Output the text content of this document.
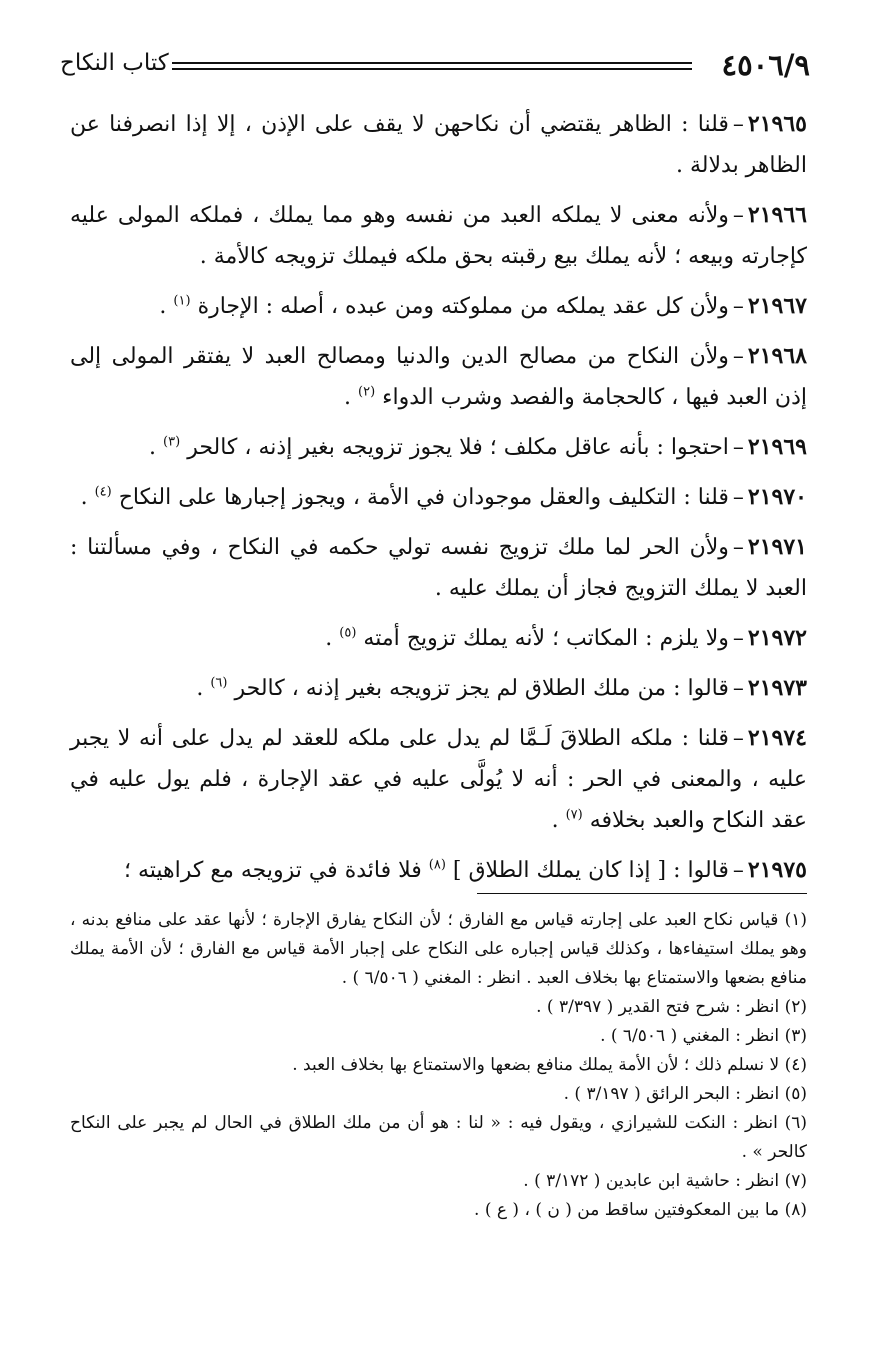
٤٥٠٦/٩
كتاب النكاح

٢١٩٦٥–قلنا : الظاهر يقتضي أن نكاحهن لا يقف على الإذن ، إلا إذا انصرفنا عن الظاهر بدلالة .

٢١٩٦٦–ولأنه معنى لا يملكه العبد من نفسه وهو مما يملك ، فملكه المولى عليه كإجارته وبيعه ؛ لأنه يملك بيع رقبته بحق ملكه فيملك تزويجه كالأمة .

٢١٩٦٧–ولأن كل عقد يملكه من مملوكته ومن عبده ، أصله : الإجارة $^{(١)}$ .

٢١٩٦٨–ولأن النكاح من مصالح الدين والدنيا ومصالح العبد لا يفتقر المولى إلى إذن العبد فيها ، كالحجامة والفصد وشرب الدواء $^{(٢)}$ .

٢١٩٦٩–احتجوا : بأنه عاقل مكلف ؛ فلا يجوز تزويجه بغير إذنه ، كالحر $^{(٣)}$ .

٢١٩٧٠–قلنا : التكليف والعقل موجودان في الأمة ، ويجوز إجبارها على النكاح $^{(٤)}$ .

٢١٩٧١–ولأن الحر لما ملك تزويج نفسه تولي حكمه في النكاح ، وفي مسألتنا : العبد لا يملك التزويج فجاز أن يملك عليه .

٢١٩٧٢–ولا يلزم : المكاتب ؛ لأنه يملك تزويج أمته $^{(٥)}$ .

٢١٩٧٣–قالوا : من ملك الطلاق لم يجز تزويجه بغير إذنه ، كالحر $^{(٦)}$ .

٢١٩٧٤–قلنا : ملكه الطلاقَ لَـمَّا لم يدل على ملكه للعقد لم يدل على أنه لا يجبر عليه ، والمعنى في الحر : أنه لا يُولَّى عليه في عقد الإجارة ، فلم يول عليه في عقد النكاح والعبد بخلافه $^{(٧)}$ .

٢١٩٧٥–قالوا : [ إذا كان يملك الطلاق ] $^{(٨)}$ فلا فائدة في تزويجه مع كراهيته ؛

(١) قياس نكاح العبد على إجارته قياس مع الفارق ؛ لأن النكاح يفارق الإجارة ؛ لأنها عقد على منافع بدنه ، وهو يملك استيفاءها ، وكذلك قياس إجباره على النكاح على إجبار الأمة قياس مع الفارق ؛ لأن الأمة يملك منافع بضعها والاستمتاع بها بخلاف العبد . انظر : المغني ( ٦/٥٠٦ ) .

(٢) انظر : شرح فتح القدير ( ٣/٣٩٧ ) .

(٣) انظر : المغني ( ٦/٥٠٦ ) .

(٤) لا نسلم ذلك ؛ لأن الأمة يملك منافع بضعها والاستمتاع بها بخلاف العبد .

(٥) انظر : البحر الرائق ( ٣/١٩٧ ) .

(٦) انظر : النكت للشيرازي ، ويقول فيه : « لنا : هو أن من ملك الطلاق في الحال لم يجبر على النكاح كالحر » .

(٧) انظر : حاشية ابن عابدين ( ٣/١٧٢ ) .

(٨) ما بين المعكوفتين ساقط من ( ن ) ، ( ع ) .
